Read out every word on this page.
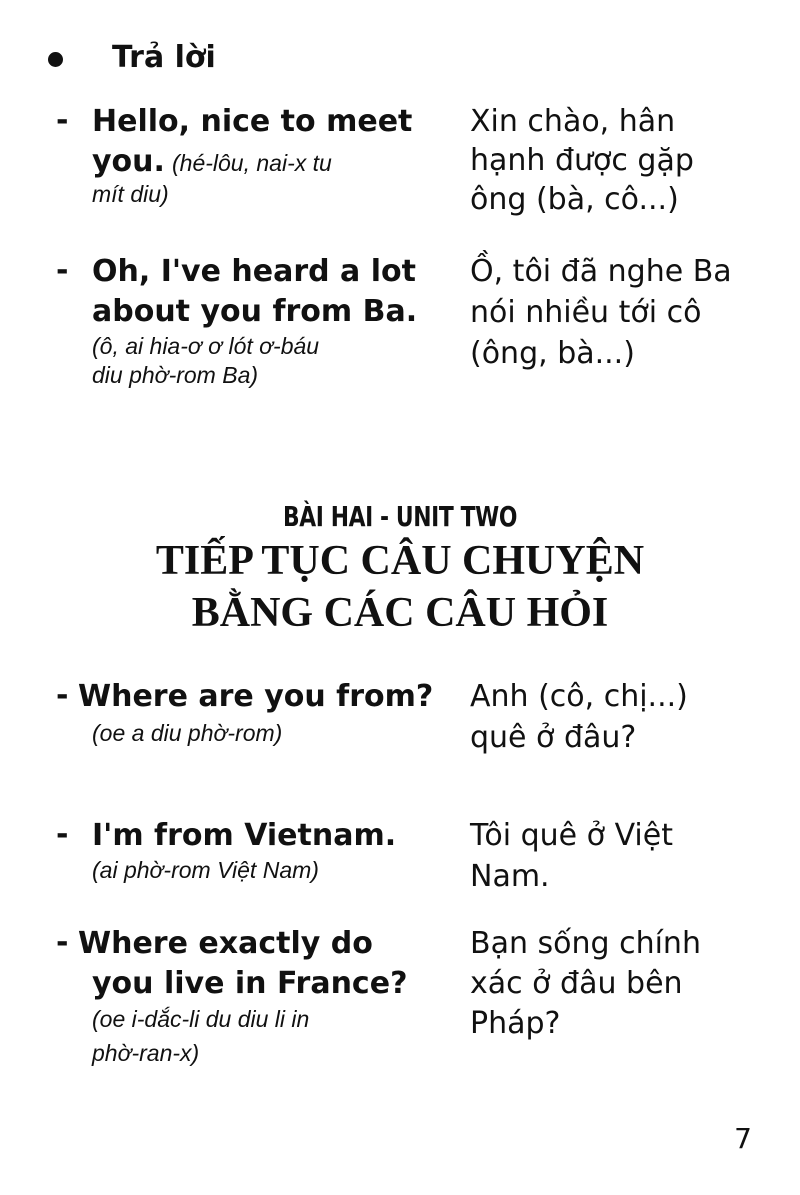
Trả lời
- Hello, nice to meet
you. (hé-lôu, nai-x tu
mít diu)
Xin chào, hân
hạnh được gặp
ông (bà, cô...)
- Oh, I've heard a lot
about you from Ba.
(ô, ai hia-ơ ơ lót ơ-báu
diu phờ-rom Ba)
Ồ, tôi đã nghe Ba
nói nhiều tới cô
(ông, bà...)
BÀI HAI - UNIT TWO
TIẾP TỤC CÂU CHUYỆN
BẰNG CÁC CÂU HỎI
- Where are you from?
(oe a diu phờ-rom)
Anh (cô, chị...)
quê ở đâu?
- I'm from Vietnam.
(ai phờ-rom Việt Nam)
Tôi quê ở Việt
Nam.
- Where exactly do
you live in France?
(oe i-dắc-li du diu li in
phờ-ran-x)
Bạn sống chính
xác ở đâu bên
Pháp?
7
